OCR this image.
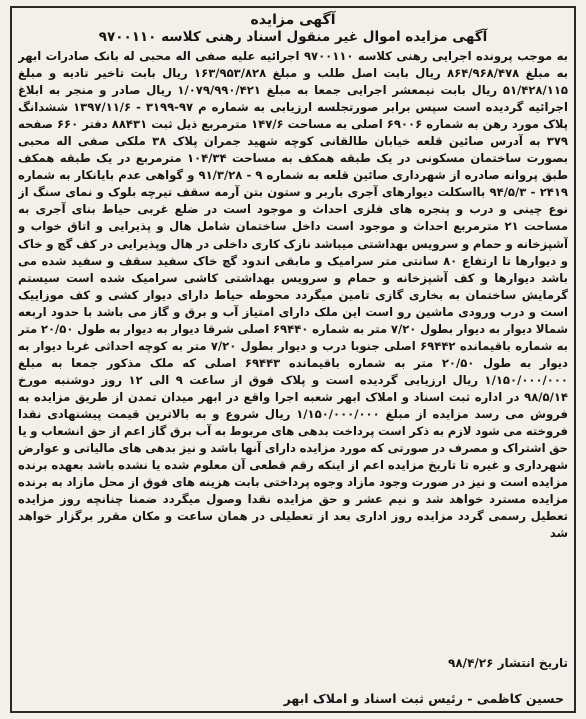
آگهی مزایده
آگهی مزایده اموال غیر منقول اسناد رهنی کلاسه ۹۷۰۰۱۱۰

به موجب پرونده اجرایی رهنی کلاسه ۹۷۰۰۱۱۰ اجرائیه علیه صفی اله محبی له بانک صادرات ابهر به مبلغ ۸۶۴/۹۶۸/۴۷۸ ریال بابت اصل طلب و مبلغ ۱۶۳/۹۵۳/۸۲۸ ریال بابت تاخیر تادیه و مبلغ ۵۱/۴۲۸/۱۱۵ ریال بابت نیمعشر اجرایی جمعا به مبلغ ۱/۰۷۹/۹۹۰/۴۲۱ ریال صادر و منجر به ابلاغ اجرائیه گردیده است سپس برابر صورتجلسه ارزیابی به شماره م ۹۷-۳۱۹۹ - ۱۳۹۷/۱۱/۶ ششدانگ پلاک مورد رهن به شماره ۶۹۰۰۶ اصلی به مساحت ۱۴۷/۶ مترمربع ذیل ثبت ۸۸۴۳۱ دفتر ۶۶۰ صفحه ۳۷۹ به آدرس صائین قلعه خیابان طالقانی کوچه شهید جمران پلاک ۳۸ ملکی صفی اله محبی بصورت ساختمان مسکونی در یک طبقه همکف به مساحت ۱۰۴/۳۴ مترمربع در یک طبقه همکف طبق پروانه صادره از شهرداری صائین قلعه به شماره ۹ - ۹۱/۳/۲۸ و گواهی عدم بایانکار به شماره ۲۴۱۹ - ۹۴/۵/۳ بااسکلت دیوارهای آجری باربر و ستون بتن آرمه سقف تیرچه بلوک و نمای سنگ از نوع چینی و درب و پنجره های فلزی احداث و موجود است در ضلع غربی حیاط بنای آجری به مساحت ۲۱ مترمربع احداث و موجود است داخل ساختمان شامل هال و پذیرایی و اتاق خواب و آشپزخانه و حمام و سرویس بهداشتی میباشد نازک کاری داخلی در هال وپذیرایی در کف گچ و خاک و دیوارها تا ارتفاع ۸۰ سانتی متر سرامیک و مابقی اندود گچ خاک سفید سقف و سفید شده می باشد دیوارها و کف آشپزخانه و حمام و سرویس بهداشتی کاشی سرامیک شده است سیستم گرمایش ساختمان به بخاری گازی تامین میگردد محوطه حیاط دارای دیوار کشی و کف موزاییک است و درب ورودی ماشین رو است این ملک دارای امتیاز آب و برق و گاز می باشد با حدود اربعه شمالا دیوار به دیوار بطول ۷/۲۰ متر به شماره ۶۹۴۴۰ اصلی شرقا دیوار به دیوار به طول ۲۰/۵۰ متر به شماره باقیمانده ۶۹۴۴۲ اصلی جنوبا درب و دیوار بطول ۷/۲۰ متر به کوچه احداثی غربا دیوار به دیوار به طول ۲۰/۵۰ متر به شماره باقیمانده ۶۹۴۴۳ اصلی که ملک مذکور جمعا به مبلغ ۱/۱۵۰/۰۰۰/۰۰۰ ریال ارزیابی گردیده است و پلاک فوق از ساعت ۹ الی ۱۲ روز دوشنبه مورخ ۹۸/۵/۱۴ در اداره ثبت اسناد و املاک ابهر شعبه اجرا واقع در ابهر میدان تمدن از طریق مزایده به فروش می رسد مزایده از مبلغ ۱/۱۵۰/۰۰۰/۰۰۰ ریال شروع و به بالاترین قیمت پیشنهادی نقدا فروخته می شود لازم به ذکر است پرداخت بدهی های مربوط به آب برق گاز اعم از حق انشعاب و یا حق اشتراک و مصرف در صورتی که مورد مزایده دارای آنها باشد و نیز بدهی های مالیاتی و عوارض شهرداری و غیره تا تاریخ مزایده اعم از اینکه رقم قطعی آن معلوم شده یا نشده باشد بعهده برنده مزایده است و نیز در صورت وجود مازاد وجوه پرداختی بابت هزینه های فوق از محل مازاد به برنده مزایده مسترد خواهد شد و نیم عشر و حق مزایده نقدا وصول میگردد ضمنا چنانچه روز مزایده تعطیل رسمی گردد مزایده روز اداری بعد از تعطیلی در همان ساعت و مکان مقرر برگزار خواهد شد

تاریخ انتشار ۹۸/۴/۲۶
حسین کاظمی - رئیس ثبت اسناد و املاک ابهر
